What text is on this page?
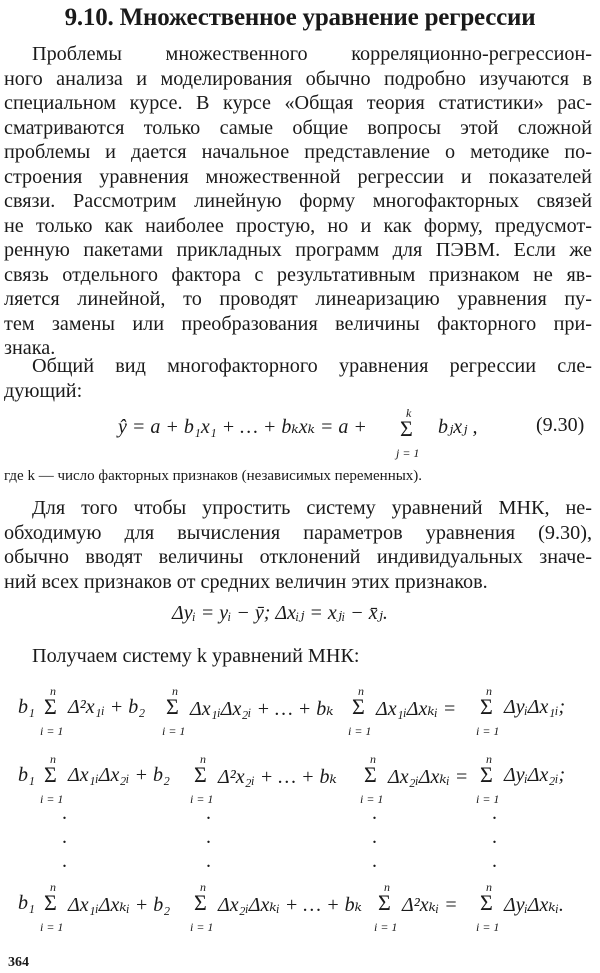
9.10. Множественное уравнение регрессии
Проблемы множественного корреляционно-регрессион-
ного анализа и моделирования обычно подробно изучаются в
специальном курсе. В курсе «Общая теория статистики» рас-
сматриваются только самые общие вопросы этой сложной
проблемы и дается начальное представление о методике по-
строения уравнения множественной регрессии и показателей
связи. Рассмотрим линейную форму многофакторных связей
не только как наиболее простую, но и как форму, предусмот-
ренную пакетами прикладных программ для ПЭВМ. Если же
связь отдельного фактора с результативным признаком не яв-
ляется линейной, то проводят линеаризацию уравнения пу-
тем замены или преобразования величины факторного при-
знака.
Общий вид многофакторного уравнения регрессии сле-
дующий:
ŷ = a + b₁x₁ + … + bₖxₖ = a +
k
Σ
j = 1
bⱼxⱼ ,	(9.30)
где k — число факторных признаков (независимых переменных).
Для того чтобы упростить систему уравнений МНК, не-
обходимую для вычисления параметров уравнения (9.30),
обычно вводят величины отклонений индивидуальных значе-
ний всех признаков от средних величин этих признаков.
Δyᵢ = yᵢ − ȳ; Δxᵢⱼ = xⱼᵢ − x̄ⱼ.
Получаем систему k уравнений МНК:
b₁
n
Σ
i = 1
Δ²x₁ᵢ + b₂
n
Σ
i = 1
Δx₁ᵢΔx₂ᵢ + … + bₖ
n
Σ
i = 1
Δx₁ᵢΔxₖᵢ =
n
Σ
i = 1
ΔyᵢΔx₁ᵢ;
b₁
n
Σ
i = 1
Δx₁ᵢΔx₂ᵢ + b₂
n
Σ
i = 1
Δ²x₂ᵢ + … + bₖ
n
Σ
i = 1
Δx₂ᵢΔxₖᵢ =
n
Σ
i = 1
ΔyᵢΔx₂ᵢ;
.
.
.
.
.
.
.
.
.
.
.
.
b₁
n
Σ
i = 1
Δx₁ᵢΔxₖᵢ + b₂
n
Σ
i = 1
Δx₂ᵢΔxₖᵢ + … + bₖ
n
Σ
i = 1
Δ²xₖᵢ =
n
Σ
i = 1
ΔyᵢΔxₖᵢ.
364
